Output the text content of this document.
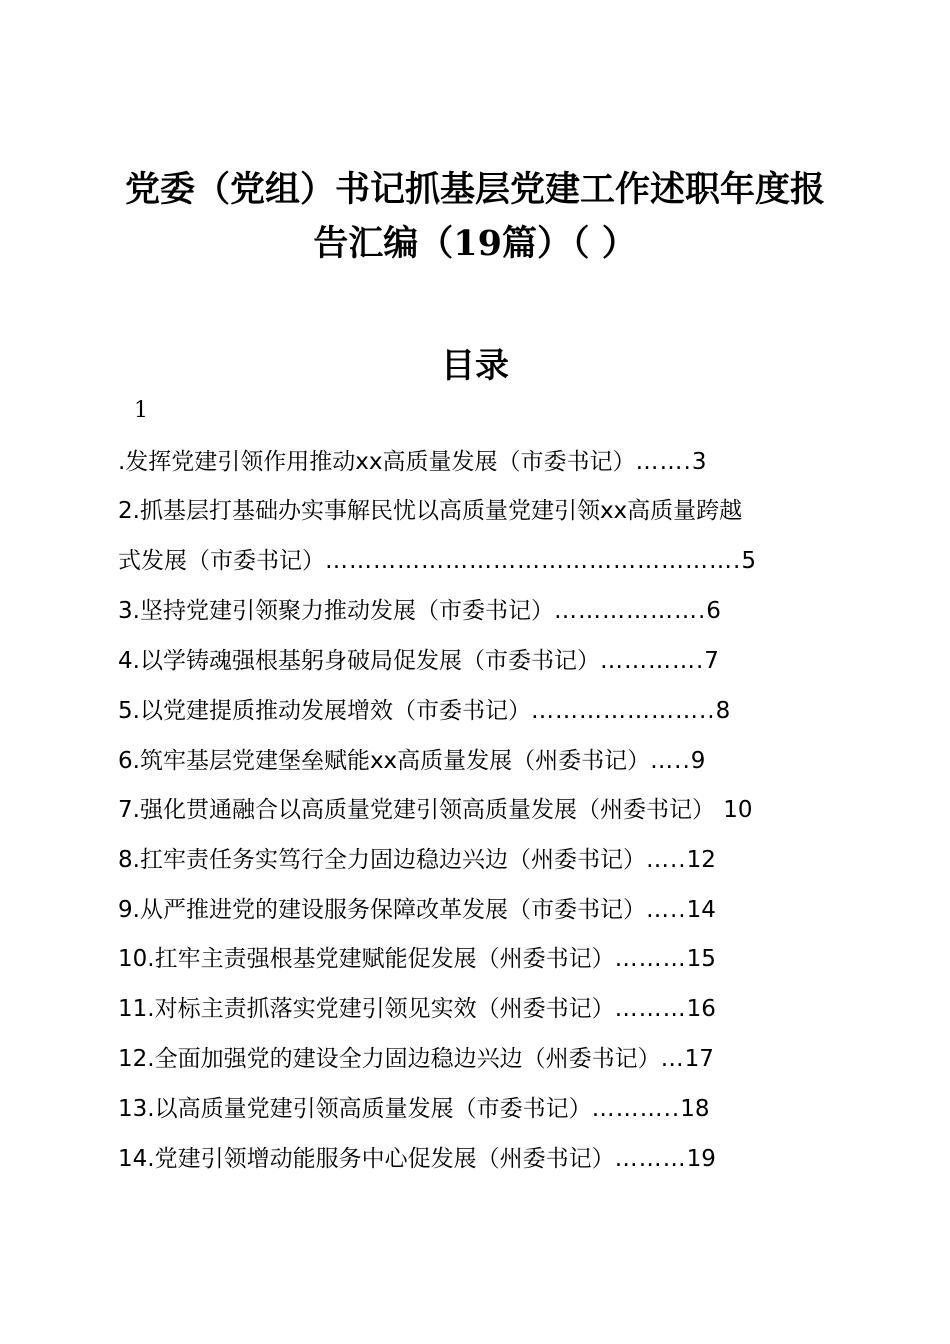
党委（党组）书记抓基层党建工作述职年度报
告汇编（19篇）（ ）
目录
1
.发挥党建引领作用推动xx高质量发展（市委书记）…….3
2.抓基层打基础办实事解民忧以高质量党建引领xx高质量跨越
式发展（市委书记）…………………………………………….5
3.坚持党建引领聚力推动发展（市委书记）……………….6
4.以学铸魂强根基躬身破局促发展（市委书记）………….7
5.以党建提质推动发展增效（市委书记）…………………..8
6.筑牢基层党建堡垒赋能xx高质量发展（州委书记）…..9
7.强化贯通融合以高质量党建引领高质量发展（州委书记） 10
8.扛牢责任务实笃行全力固边稳边兴边（州委书记）…..12
9.从严推进党的建设服务保障改革发展（市委书记）…..14
10.扛牢主责强根基党建赋能促发展（州委书记）………15
11.对标主责抓落实党建引领见实效（州委书记）………16
12.全面加强党的建设全力固边稳边兴边（州委书记）…17
13.以高质量党建引领高质量发展（市委书记）………..18
14.党建引领增动能服务中心促发展（州委书记）………19
